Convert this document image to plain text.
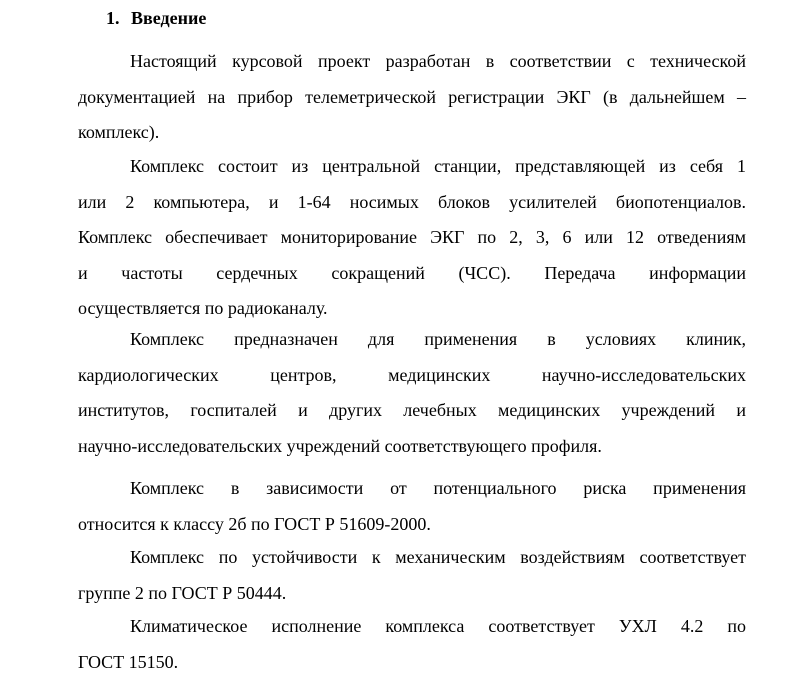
1. Введение
Настоящий курсовой проект разработан в соответствии с технической
документацией на прибор телеметрической регистрации ЭКГ (в дальнейшем –
комплекс).
Комплекс состоит из центральной станции, представляющей из себя 1
или 2 компьютера, и 1-64 носимых блоков усилителей биопотенциалов.
Комплекс обеспечивает мониторирование ЭКГ по 2, 3, 6 или 12 отведениям
и частоты сердечных сокращений (ЧСС). Передача информации
осуществляется по радиоканалу.
Комплекс предназначен для применения в условиях клиник,
кардиологических центров, медицинских научно-исследовательских
институтов, госпиталей и других лечебных медицинских учреждений и
научно-исследовательских учреждений соответствующего профиля.
Комплекс в зависимости от потенциального риска применения
относится к классу 2б по ГОСТ Р 51609-2000.
Комплекс по устойчивости к механическим воздействиям соответствует
группе 2 по ГОСТ Р 50444.
Климатическое исполнение комплекса соответствует УХЛ 4.2 по
ГОСТ 15150.
